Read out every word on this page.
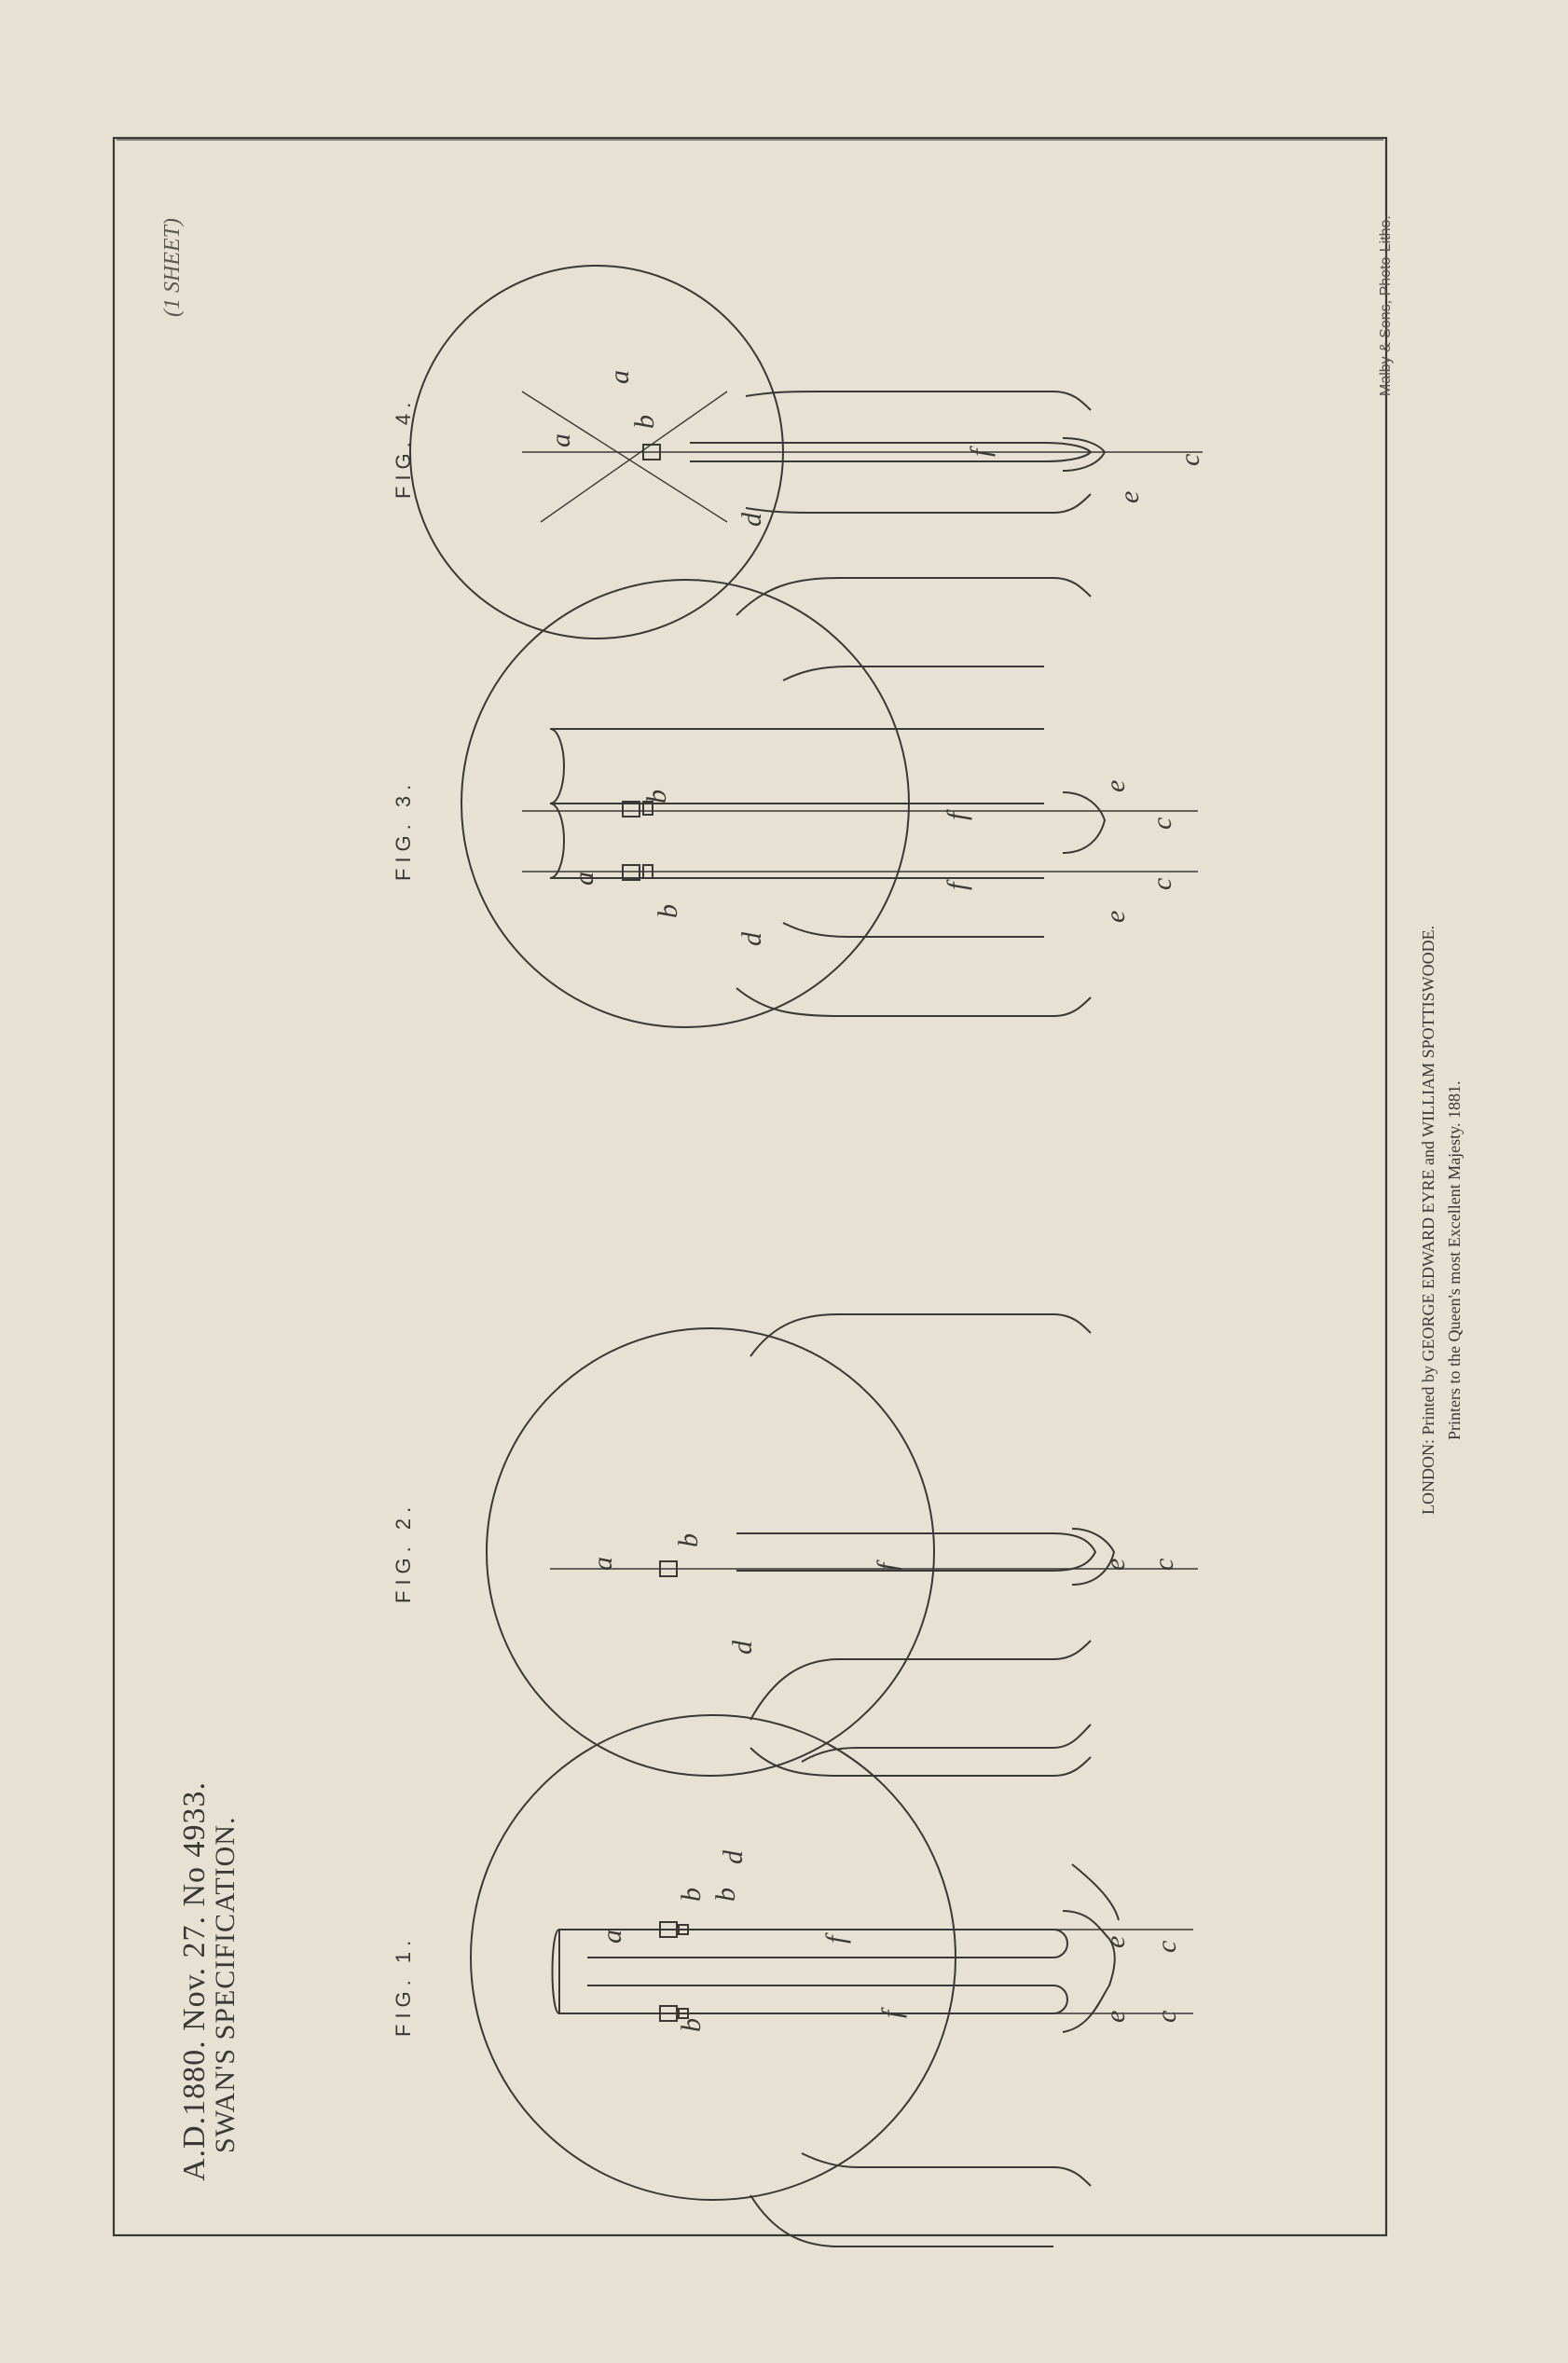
A.D.1880. Nov. 27. No 4933.
SWAN'S SPECIFICATION.
(1 SHEET)
FIG. 1.
FIG. 2.
FIG. 3.
FIG. 4.
a
b b
b
c
c
d
e
e
f
f
a
b
c
d
e
f
a
b
b
c
c
d
e
e
f
f
a
a
b
c
d
e
f
LONDON: Printed by GEORGE EDWARD EYRE and WILLIAM SPOTTISWOODE. Printers to the Queen's most Excellent Majesty. 1881.
Malby & Sons, Photo-Litho.
